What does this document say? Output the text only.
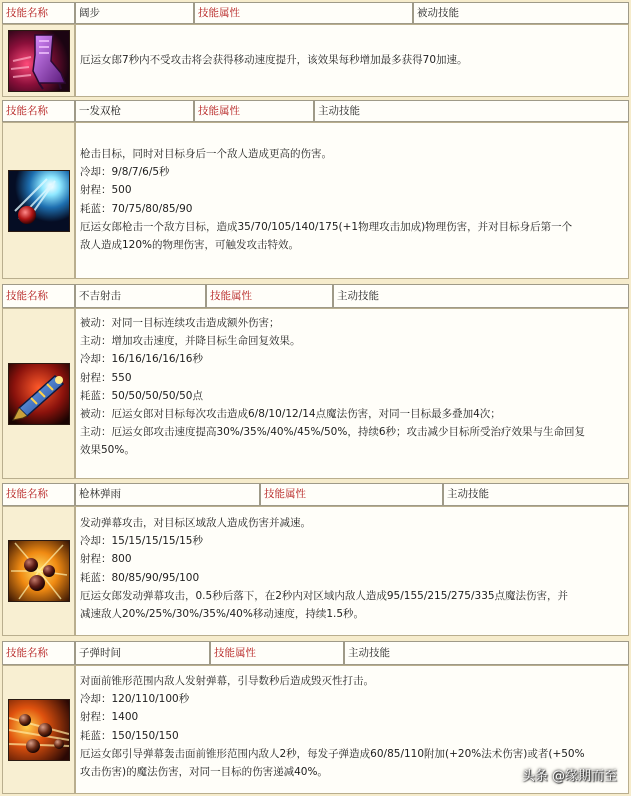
技能名称	阔步	技能属性	被动技能
厄运女郎7秒内不受攻击将会获得移动速度提升，该效果每秒增加最多获得70加速。
技能名称	一发双枪	技能属性	主动技能
枪击目标，同时对目标身后一个敌人造成更高的伤害。
冷却：9/8/7/6/5秒
射程：500
耗蓝：70/75/80/85/90
厄运女郎枪击一个敌方目标，造成35/70/105/140/175(+1物理攻击加成)物理伤害，并对目标身后第一个
敌人造成120%的物理伤害，可触发攻击特效。
技能名称	不吉射击	技能属性	主动技能
被动：对同一目标连续攻击造成额外伤害；
主动：增加攻击速度，并降目标生命回复效果。
冷却：16/16/16/16/16秒
射程：550
耗蓝：50/50/50/50/50点
被动：厄运女郎对目标每次攻击造成6/8/10/12/14点魔法伤害，对同一目标最多叠加4次；
主动：厄运女郎攻击速度提高30%/35%/40%/45%/50%，持续6秒；攻击减少目标所受治疗效果与生命回复
效果50%。
技能名称	枪林弹雨	技能属性	主动技能
发动弹幕攻击，对目标区域敌人造成伤害并减速。
冷却：15/15/15/15/15秒
射程：800
耗蓝：80/85/90/95/100
厄运女郎发动弹幕攻击，0.5秒后落下，在2秒内对区域内敌人造成95/155/215/275/335点魔法伤害，并
减速敌人20%/25%/30%/35%/40%移动速度，持续1.5秒。
技能名称	子弹时间	技能属性	主动技能
对面前锥形范围内敌人发射弹幕，引导数秒后造成毁灭性打击。
冷却：120/110/100秒
射程：1400
耗蓝：150/150/150
厄运女郎引导弹幕轰击面前锥形范围内敌人2秒，每发子弹造成60/85/110附加(+20%法术伤害)或者(+50%
攻击伤害)的魔法伤害，对同一目标的伤害递减40%。	头条 @缘期而至
